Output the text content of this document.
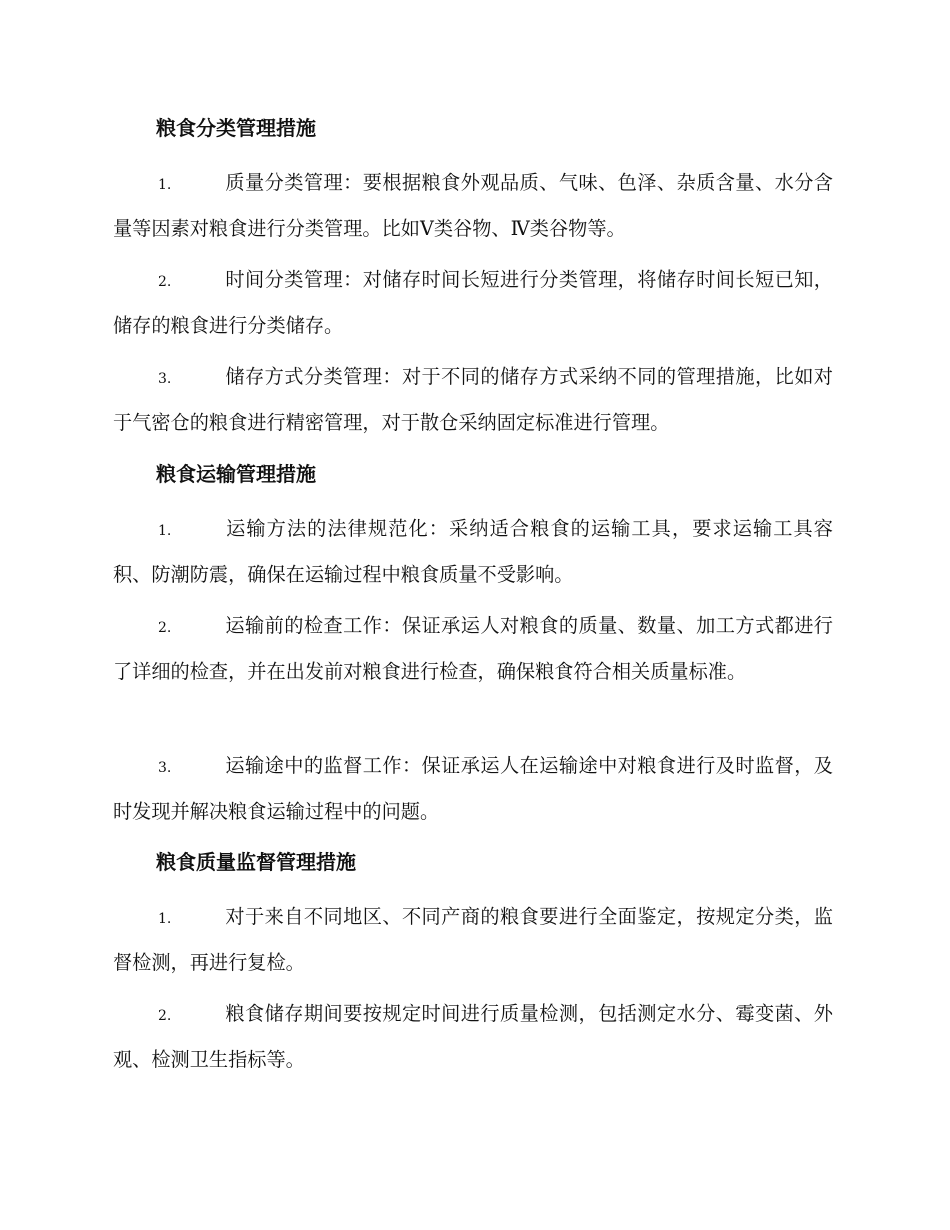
粮食分类管理措施
1.	质量分类管理：要根据粮食外观品质、气味、色泽、杂质含量、水分含量等因素对粮食进行分类管理。比如Ⅴ类谷物、Ⅳ类谷物等。
2.	时间分类管理：对储存时间长短进行分类管理，将储存时间长短已知，储存的粮食进行分类储存。
3.	储存方式分类管理：对于不同的储存方式采纳不同的管理措施，比如对于气密仓的粮食进行精密管理，对于散仓采纳固定标准进行管理。
粮食运输管理措施
1.	运输方法的法律规范化：采纳适合粮食的运输工具，要求运输工具容积、防潮防震，确保在运输过程中粮食质量不受影响。
2.	运输前的检查工作：保证承运人对粮食的质量、数量、加工方式都进行了详细的检查，并在出发前对粮食进行检查，确保粮食符合相关质量标准。
3.	运输途中的监督工作：保证承运人在运输途中对粮食进行及时监督，及时发现并解决粮食运输过程中的问题。
粮食质量监督管理措施
1.	对于来自不同地区、不同产商的粮食要进行全面鉴定，按规定分类，监督检测，再进行复检。
2.	粮食储存期间要按规定时间进行质量检测，包括测定水分、霉变菌、外观、检测卫生指标等。
